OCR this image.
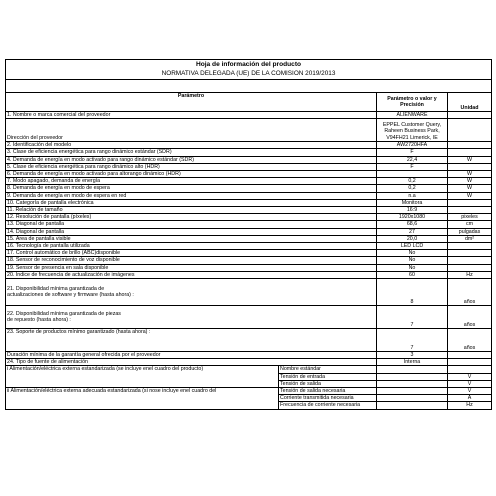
Hoja de información del producto			
NORMATIVA DELEGADA (UE) DE LA COMISIÓN 2019/2013			

Parámetro		Parámetro o valor y
Precisión	Unidad
1. Nombre o marca comercial del proveedor		ALIENWARE	
Dirección del proveedor		EPPEL Customer Query,
Raheen Business Park,
V94FH21 Limerick, IE	

2. Identificación del modelo		AW2720HFA	
3. Clase de eficiencia energética para rango dinámico estándar (SDR)		F	
4. Demanda de energía en modo activado para rango dinámico estándar (SDR)		22,4	W
5. Clase de eficiencia energética para rango dinámico alto (HDR)		F	
6. Demanda de energía en modo activado para altorango dinámico (HDR)			W
7. Modo apagado, demanda de energía		0,2	W
8. Demanda de energía en modo de espera		0,2	W
9. Demanda de energía en modo de espera en red		n.a	W
10. Categoría de pantalla electrónica		Monitora	
11. Relación de tamaño		16:9	
12. Resolución de pantalla (píxeles)		1920x1080	pixeles
13. Diagonal de pantalla		68,6	cm
14. Diagonal de pantalla		27	pulgadas
15. Área de pantalla visible		20,0	dm²
16. Tecnología de pantalla utilizada		LED LCD	
17. Control automático de brillo (ABC)disponible		No	
18. Sensor de reconocimiento de voz disponible		No	
19. Sensor de presencia en sala disponible		No	
20. Índice de frecuencia de actualización de imágenes		60	Hz

21. Disponibilidad mínima garantizada de
actualizaciones de software y firmware (hasta ahora) :		8	años

22. Disponibilidad mínima garantizada de piezas
de repuesto (hasta ahora) :		7	años

23. Soporte de productos mínimo garantizado (hasta ahora) :		7	años
Duración mínima de la garantía general ofrecida por el proveedor		3	
24. Tipo de fuente de alimentación		Interna	
i Alimentación/eléctrica externa estandarizada (se incluye enel cuadro del producto)	Nombre estándar		
	Tensión de entrada		V
	Tensión de salida		V
ii Alimentación/eléctrica externa adecuada estandarizada (si nose incluye enel cuadro del	Tensión de salida necesaria		V
	Corriente transmitida necesaria		A
	Frecuencia de corriente necesaria		Hz
